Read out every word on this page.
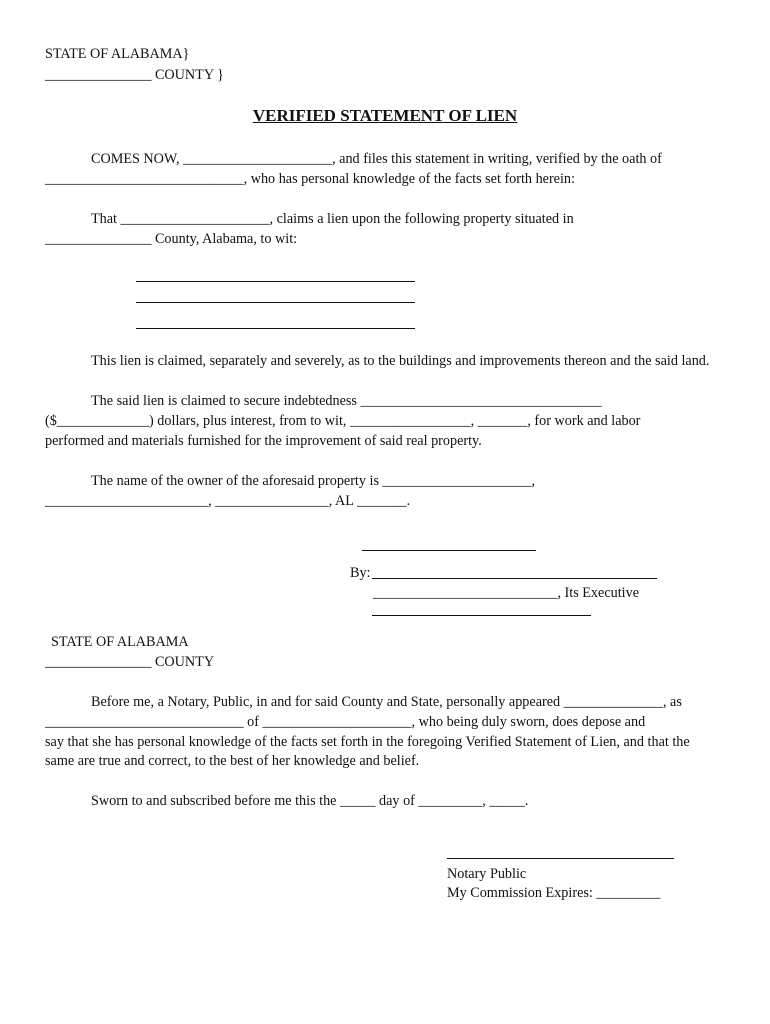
STATE OF ALABAMA}
_______________ COUNTY }
VERIFIED STATEMENT OF LIEN
COMES NOW, _____________________, and files this statement in writing, verified by the oath of
____________________________, who has personal knowledge of the facts set forth herein:
That _____________________, claims a lien upon the following property situated in
_______________ County, Alabama, to wit:
This lien is claimed, separately and severely, as to the buildings and improvements thereon and the said land.
The said lien is claimed to secure indebtedness __________________________________
($_____________) dollars, plus interest, from to wit, _________________, _______, for work and labor
performed and materials furnished for the improvement of said real property.
The name of the owner of the aforesaid property is _____________________,
_______________________, ________________, AL _______.
By:
__________________________, Its Executive
STATE OF ALABAMA
_______________ COUNTY
Before me, a Notary, Public, in and for said County and State, personally appeared ______________, as
____________________________ of _____________________, who being duly sworn, does depose and
say that she has personal knowledge of the facts set forth in the foregoing Verified Statement of Lien, and that the
same are true and correct, to the best of her knowledge and belief.
Sworn to and subscribed before me this the _____ day of _________, _____.
Notary Public
My Commission Expires: _________
